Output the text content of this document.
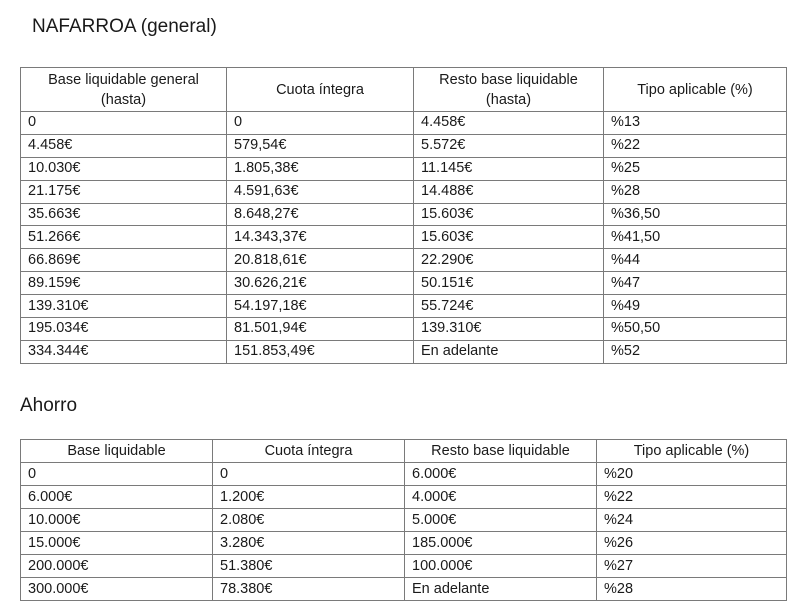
NAFARROA (general)
Base liquidable general (hasta)	Cuota íntegra	Resto base liquidable (hasta)	Tipo aplicable (%)
0	0	4.458€	%13
4.458€	579,54€	5.572€	%22
10.030€	1.805,38€	11.145€	%25
21.175€	4.591,63€	14.488€	%28
35.663€	8.648,27€	15.603€	%36,50
51.266€	14.343,37€	15.603€	%41,50
66.869€	20.818,61€	22.290€	%44
89.159€	30.626,21€	50.151€	%47
139.310€	54.197,18€	55.724€	%49
195.034€	81.501,94€	139.310€	%50,50
334.344€	151.853,49€	En adelante	%52
Ahorro
Base liquidable	Cuota íntegra	Resto base liquidable	Tipo aplicable (%)
0	0	6.000€	%20
6.000€	1.200€	4.000€	%22
10.000€	2.080€	5.000€	%24
15.000€	3.280€	185.000€	%26
200.000€	51.380€	100.000€	%27
300.000€	78.380€	En adelante	%28
